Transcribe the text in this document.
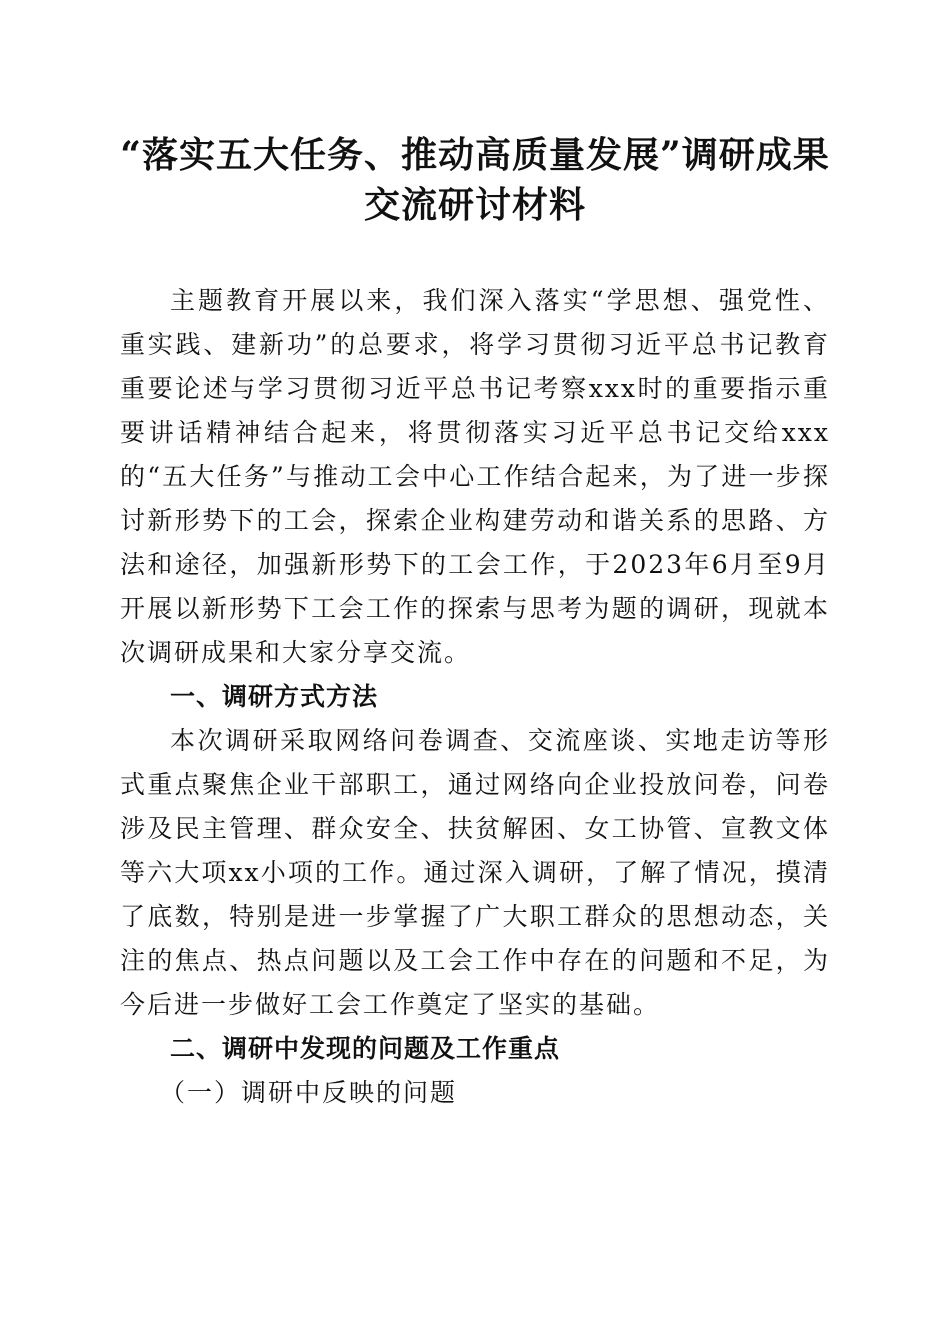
“落实五大任务、推动高质量发展”调研成果
交流研讨材料

主题教育开展以来，我们深入落实“学思想、强党性、重实践、建新功”的总要求，将学习贯彻习近平总书记教育重要论述与学习贯彻习近平总书记考察xxx时的重要指示重要讲话精神结合起来，将贯彻落实习近平总书记交给xxx的“五大任务”与推动工会中心工作结合起来，为了进一步探讨新形势下的工会，探索企业构建劳动和谐关系的思路、方法和途径，加强新形势下的工会工作，于2023年6月至9月开展以新形势下工会工作的探索与思考为题的调研，现就本次调研成果和大家分享交流。

一、调研方式方法

本次调研采取网络问卷调查、交流座谈、实地走访等形式重点聚焦企业干部职工，通过网络向企业投放问卷，问卷涉及民主管理、群众安全、扶贫解困、女工协管、宣教文体等六大项xx小项的工作。通过深入调研，了解了情况，摸清了底数，特别是进一步掌握了广大职工群众的思想动态，关注的焦点、热点问题以及工会工作中存在的问题和不足，为今后进一步做好工会工作奠定了坚实的基础。

二、调研中发现的问题及工作重点

（一）调研中反映的问题
